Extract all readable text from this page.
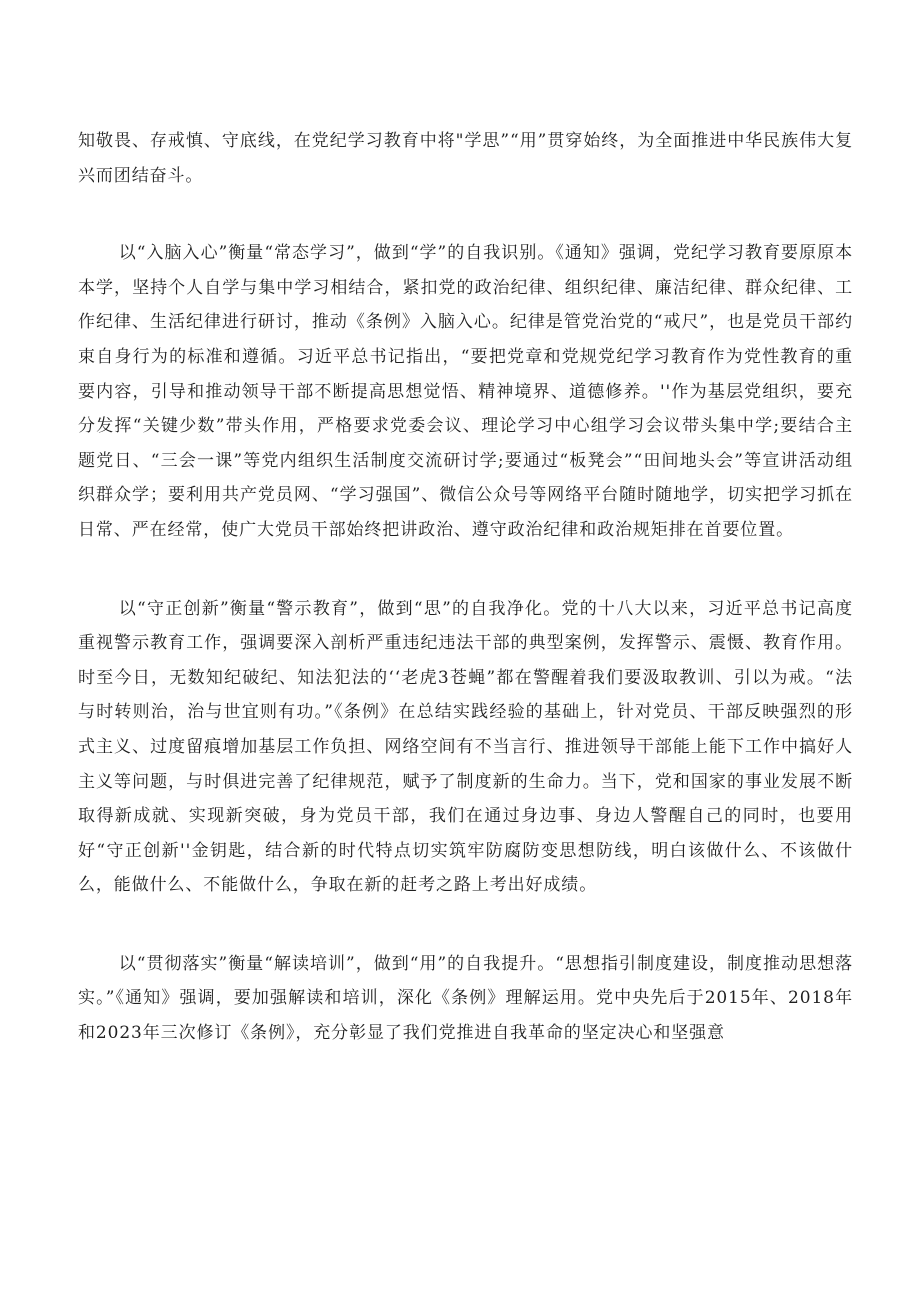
知敬畏、存戒慎、守底线，在党纪学习教育中将"学思”“用”贯穿始终，为全面推进中华民族伟大复兴而团结奋斗。

以“入脑入心”衡量“常态学习”，做到“学”的自我识别。《通知》强调，党纪学习教育要原原本本学，坚持个人自学与集中学习相结合，紧扣党的政治纪律、组织纪律、廉洁纪律、群众纪律、工作纪律、生活纪律进行研讨，推动《条例》入脑入心。纪律是管党治党的“戒尺”，也是党员干部约束自身行为的标准和遵循。习近平总书记指出，“要把党章和党规党纪学习教育作为党性教育的重要内容，引导和推动领导干部不断提高思想觉悟、精神境界、道德修养。''作为基层党组织，要充分发挥“关键少数”带头作用，严格要求党委会议、理论学习中心组学习会议带头集中学;要结合主题党日、“三会一课”等党内组织生活制度交流研讨学;要通过“板凳会”“田间地头会”等宣讲活动组织群众学；要利用共产党员网、“学习强国”、微信公众号等网络平台随时随地学，切实把学习抓在日常、严在经常，使广大党员干部始终把讲政治、遵守政治纪律和政治规矩排在首要位置。

以“守正创新”衡量“警示教育”，做到“思”的自我净化。党的十八大以来，习近平总书记高度重视警示教育工作，强调要深入剖析严重违纪违法干部的典型案例，发挥警示、震慑、教育作用。时至今日，无数知纪破纪、知法犯法的‘‘老虎3苍蝇”都在警醒着我们要汲取教训、引以为戒。“法与时转则治，治与世宜则有功。”《条例》在总结实践经验的基础上，针对党员、干部反映强烈的形式主义、过度留痕增加基层工作负担、网络空间有不当言行、推进领导干部能上能下工作中搞好人主义等问题，与时俱进完善了纪律规范，赋予了制度新的生命力。当下，党和国家的事业发展不断取得新成就、实现新突破，身为党员干部，我们在通过身边事、身边人警醒自己的同时，也要用好“守正创新''金钥匙，结合新的时代特点切实筑牢防腐防变思想防线，明白该做什么、不该做什么，能做什么、不能做什么，争取在新的赶考之路上考出好成绩。

以“贯彻落实”衡量“解读培训”，做到“用”的自我提升。“思想指引制度建设，制度推动思想落实。”《通知》强调，要加强解读和培训，深化《条例》理解运用。党中央先后于2015年、2018年和2023年三次修订《条例》，充分彰显了我们党推进自我革命的坚定决心和坚强意
